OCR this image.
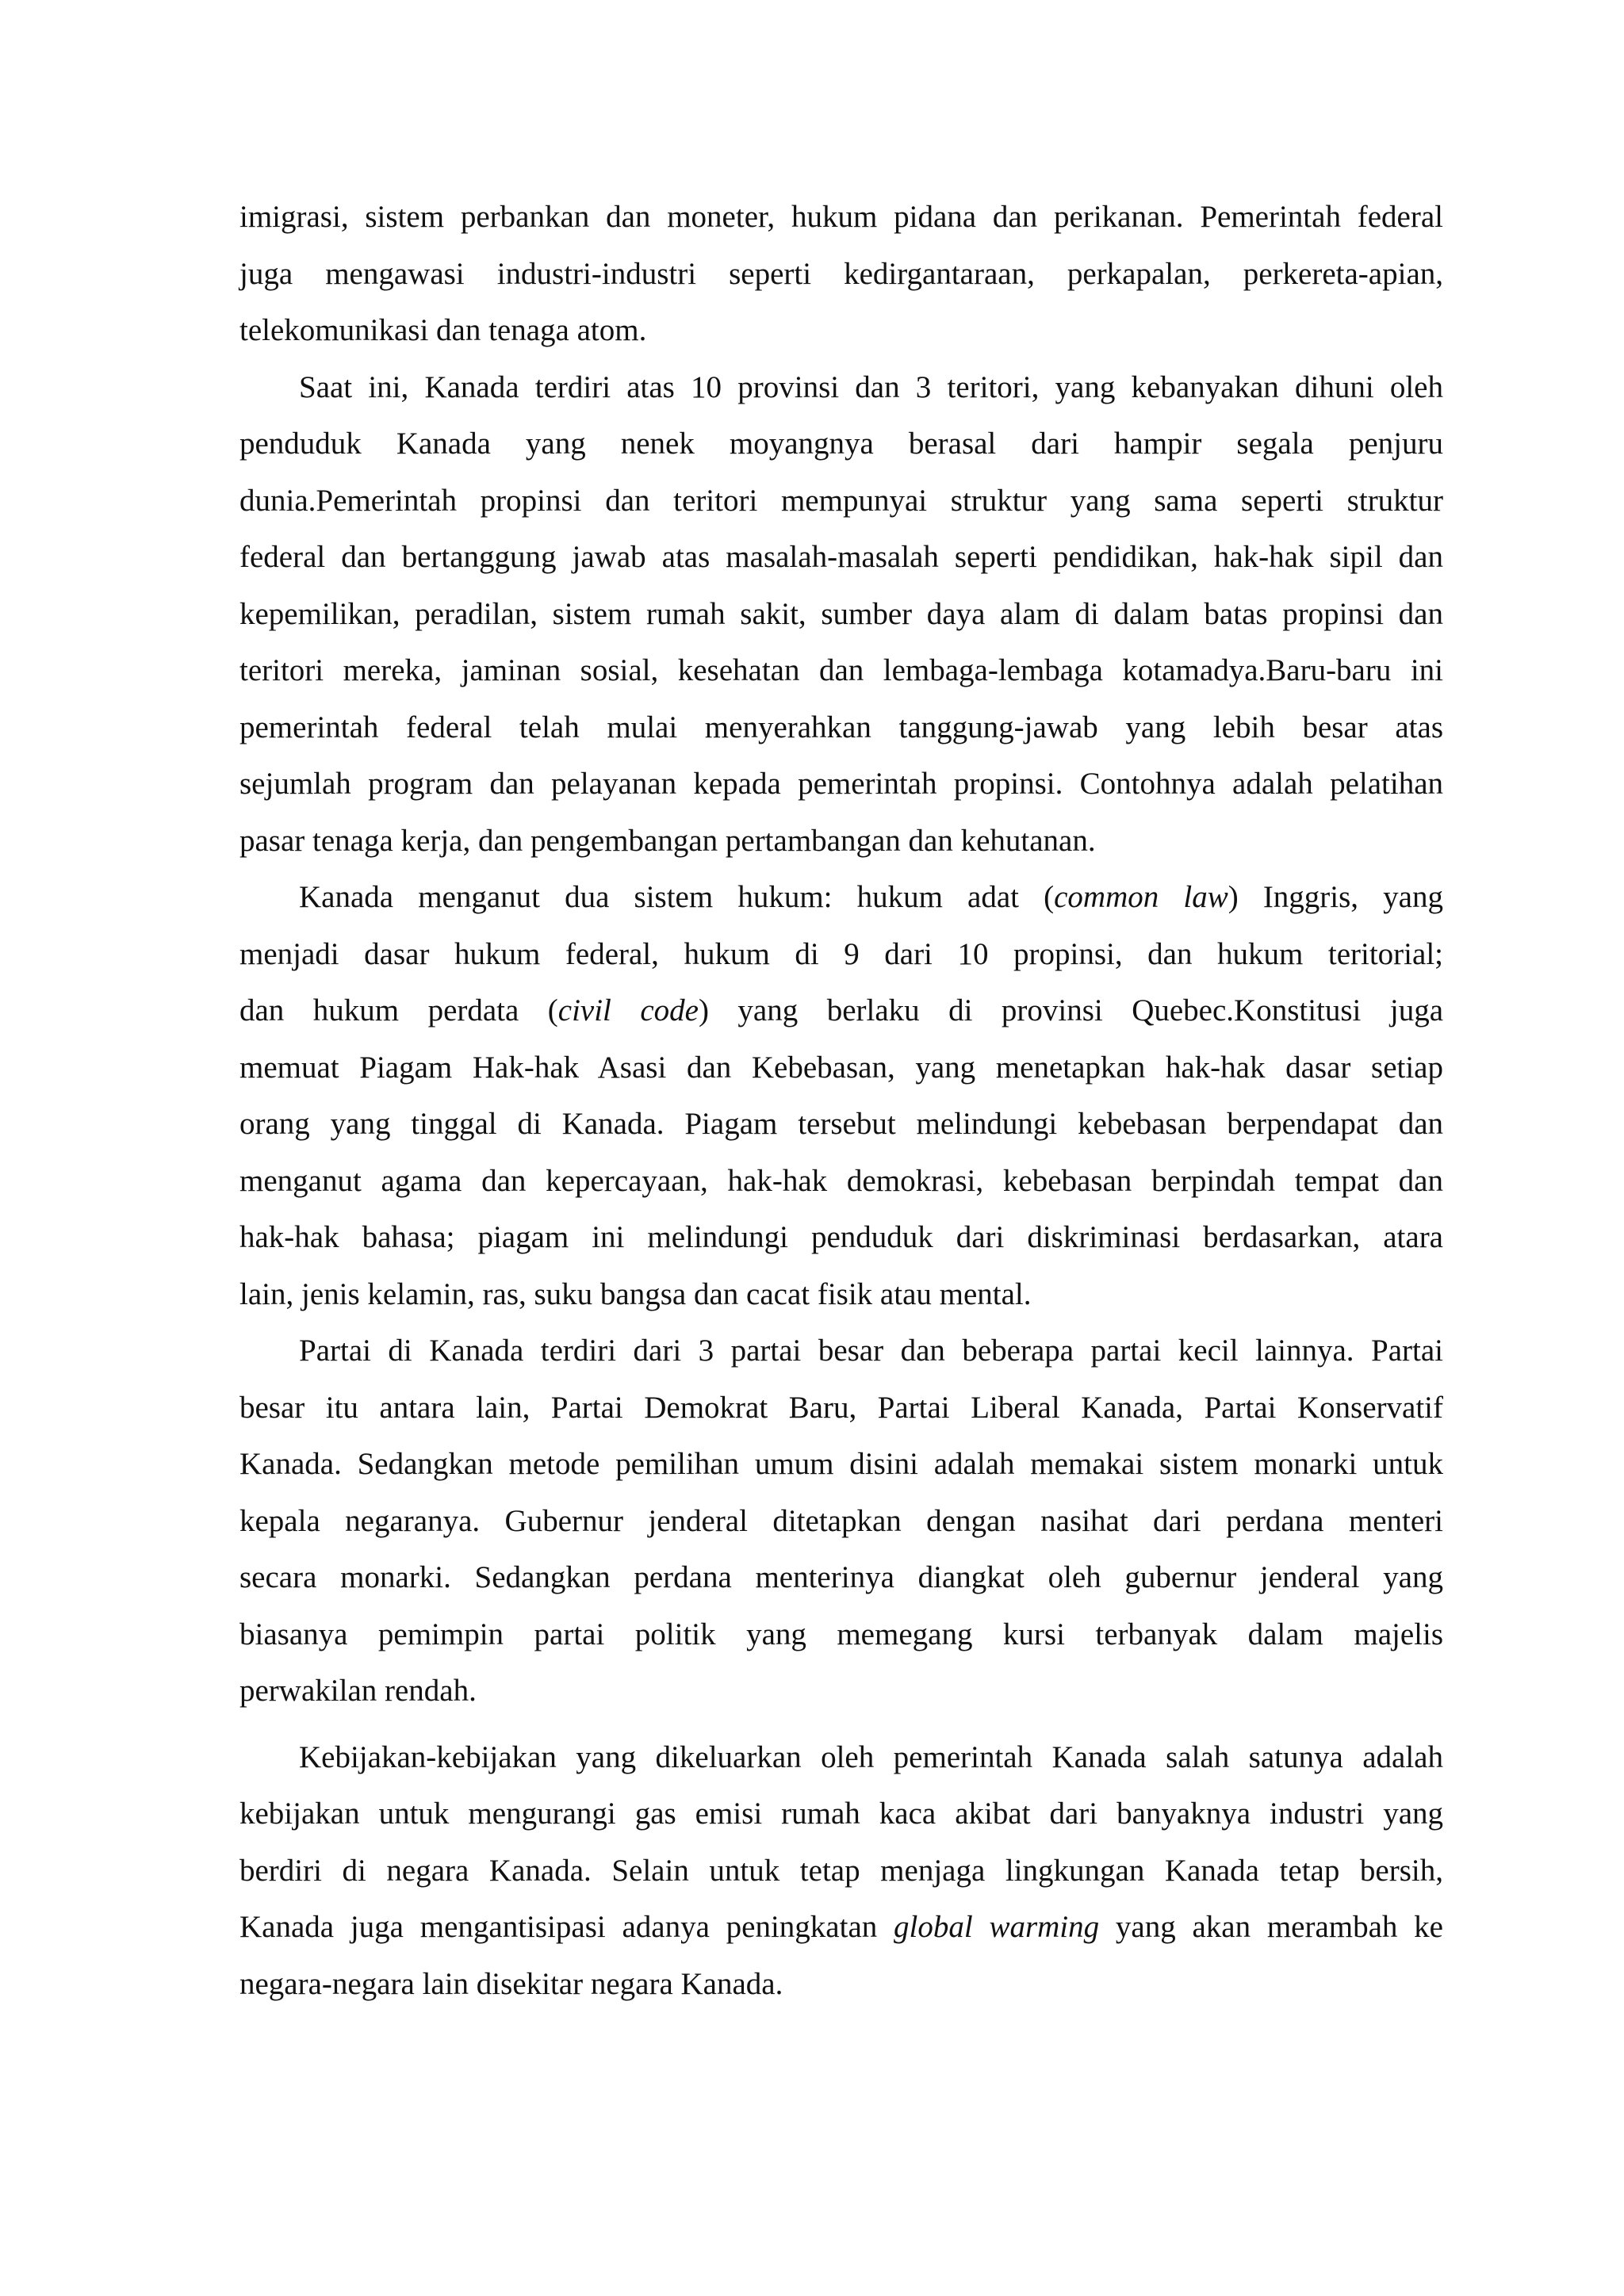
imigrasi, sistem perbankan dan moneter, hukum pidana dan perikanan. Pemerintah federal
juga mengawasi industri-industri seperti kedirgantaraan, perkapalan, perkereta-apian,
telekomunikasi dan tenaga atom.
Saat ini, Kanada terdiri atas 10 provinsi dan 3 teritori, yang kebanyakan dihuni oleh
penduduk Kanada yang nenek moyangnya berasal dari hampir segala penjuru
dunia.Pemerintah propinsi dan teritori mempunyai struktur yang sama seperti struktur
federal dan bertanggung jawab atas masalah-masalah seperti pendidikan, hak-hak sipil dan
kepemilikan, peradilan, sistem rumah sakit, sumber daya alam di dalam batas propinsi dan
teritori mereka, jaminan sosial, kesehatan dan lembaga-lembaga kotamadya.Baru-baru ini
pemerintah federal telah mulai menyerahkan tanggung-jawab yang lebih besar atas
sejumlah program dan pelayanan kepada pemerintah propinsi. Contohnya adalah pelatihan
pasar tenaga kerja, dan pengembangan pertambangan dan kehutanan.
Kanada menganut dua sistem hukum: hukum adat (common law) Inggris, yang
menjadi dasar hukum federal, hukum di 9 dari 10 propinsi, dan hukum teritorial;
dan hukum perdata (civil code) yang berlaku di provinsi Quebec.Konstitusi juga
memuat Piagam Hak-hak Asasi dan Kebebasan, yang menetapkan hak-hak dasar setiap
orang yang tinggal di Kanada. Piagam tersebut melindungi kebebasan berpendapat dan
menganut agama dan kepercayaan, hak-hak demokrasi, kebebasan berpindah tempat dan
hak-hak bahasa; piagam ini melindungi penduduk dari diskriminasi berdasarkan, atara
lain, jenis kelamin, ras, suku bangsa dan cacat fisik atau mental.
Partai di Kanada terdiri dari 3 partai besar dan beberapa partai kecil lainnya. Partai
besar itu antara lain, Partai Demokrat Baru, Partai Liberal Kanada, Partai Konservatif
Kanada. Sedangkan metode pemilihan umum disini adalah memakai sistem monarki untuk
kepala negaranya. Gubernur jenderal ditetapkan dengan nasihat dari perdana menteri
secara monarki. Sedangkan perdana menterinya diangkat oleh gubernur jenderal yang
biasanya pemimpin partai politik yang memegang kursi terbanyak dalam majelis
perwakilan rendah.
Kebijakan-kebijakan yang dikeluarkan oleh pemerintah Kanada salah satunya adalah
kebijakan untuk mengurangi gas emisi rumah kaca akibat dari banyaknya industri yang
berdiri di negara Kanada. Selain untuk tetap menjaga lingkungan Kanada tetap bersih,
Kanada juga mengantisipasi adanya peningkatan global warming yang akan merambah ke
negara-negara lain disekitar negara Kanada.
